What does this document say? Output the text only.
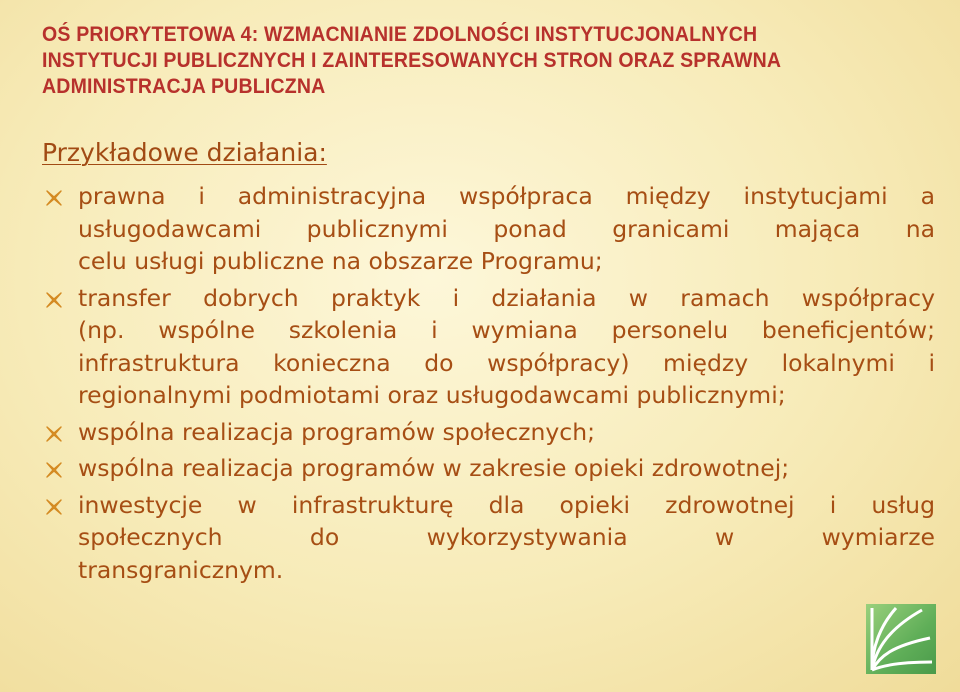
OŚ PRIORYTETOWA 4: WZMACNIANIE ZDOLNOŚCI INSTYTUCJONALNYCH
INSTYTUCJI PUBLICZNYCH I ZAINTERESOWANYCH STRON ORAZ SPRAWNA
ADMINISTRACJA PUBLICZNA
Przykładowe działania:
prawna i administracyjna współpraca między instytucjami a
usługodawcami publicznymi ponad granicami mająca na
celu usługi publiczne na obszarze Programu;
transfer dobrych praktyk i działania w ramach współpracy
(np. wspólne szkolenia i wymiana personelu beneficjentów;
infrastruktura konieczna do współpracy) między lokalnymi i
regionalnymi podmiotami oraz usługodawcami publicznymi;
wspólna realizacja programów społecznych;
wspólna realizacja programów w zakresie opieki zdrowotnej;
inwestycje w infrastrukturę dla opieki zdrowotnej i usług
społecznych do wykorzystywania w wymiarze
transgranicznym.
